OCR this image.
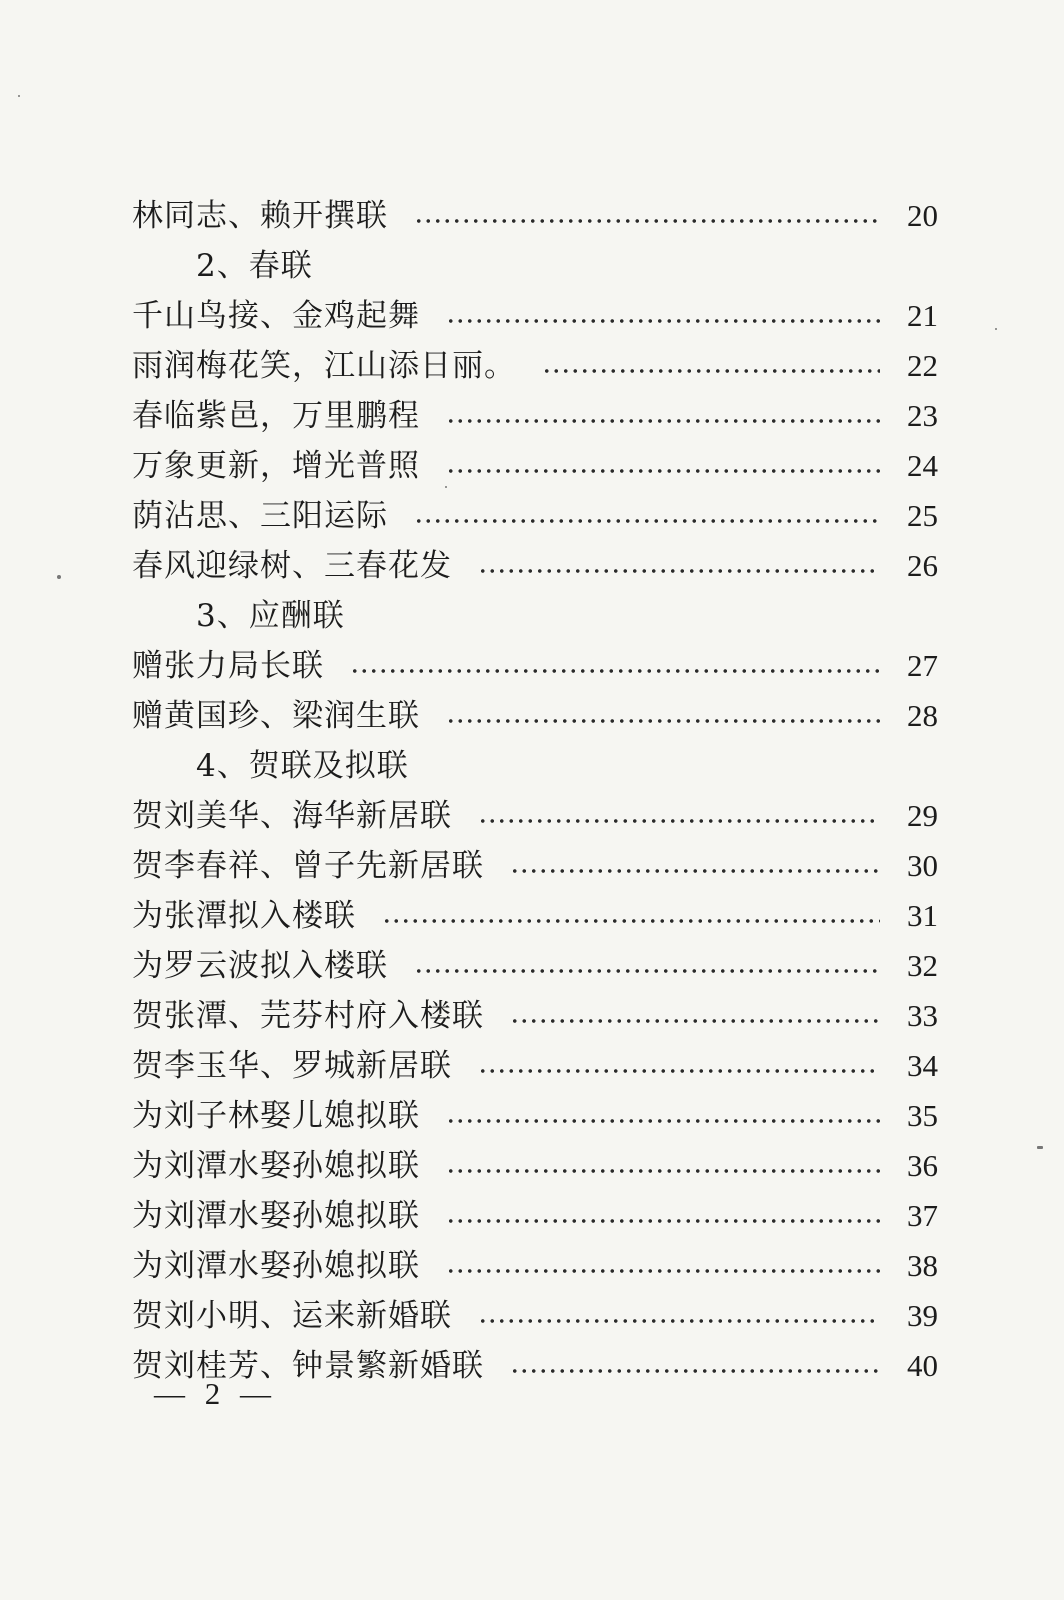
林同志、赖开撰联	20
2、春联
千山鸟接、金鸡起舞	21
雨润梅花笑，江山添日丽。	22
春临紫邑，万里鹏程	23
万象更新，增光普照	24
荫沾思、三阳运际	25
春风迎绿树、三春花发	26
3、应酬联
赠张力局长联	27
赠黄国珍、梁润生联	28
4、贺联及拟联
贺刘美华、海华新居联	29
贺李春祥、曾子先新居联	30
为张潭拟入楼联	31
为罗云波拟入楼联	32
贺张潭、芫芬村府入楼联	33
贺李玉华、罗城新居联	34
为刘子林娶儿媳拟联	35
为刘潭水娶孙媳拟联	36
为刘潭水娶孙媳拟联	37
为刘潭水娶孙媳拟联	38
贺刘小明、运来新婚联	39
贺刘桂芳、钟景繁新婚联	40
— 2 —
